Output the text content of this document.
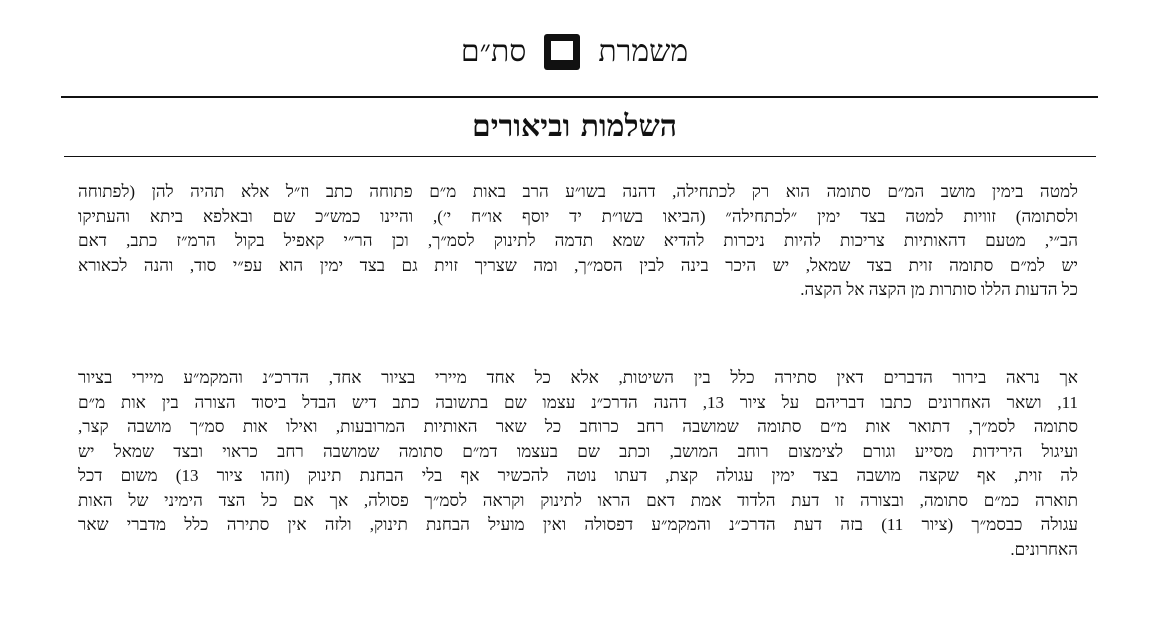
משמרת
סת״ם
השלמות וביאורים
למטה בימין מושב המ״ם סתומה הוא רק לכתחילה, דהנה בשו״ע הרב באות מ״ם פתוחה כתב וז״ל אלא תהיה להן (לפתוחה
ולסתומה) זוויות למטה בצד ימין ״לכתחילה״ (הביאו בשו״ת יד יוסף או״ח י׳), והיינו כמש״כ שם ובאלפא ביתא והעתיקו
הב״י, מטעם דהאותיות צריכות להיות ניכרות להדיא שמא תדמה לתינוק לסמ״ך, וכן הר״י קאפיל בקול הרמ״ז כתב, דאם
יש למ״ם סתומה זוית בצד שמאל, יש היכר בינה לבין הסמ״ך, ומה שצריך זוית גם בצד ימין הוא עפ״י סוד, והנה לכאורא
כל הדעות הללו סותרות מן הקצה אל הקצה.
אך נראה בירור הדברים דאין סתירה כלל בין השיטות, אלא כל אחד מיירי בציור אחד, הדרכ״נ והמקמ״ע מיירי בציור
11, ושאר האחרונים כתבו דבריהם על ציור 13, דהנה הדרכ״נ עצמו שם בתשובה כתב דיש הבדל ביסוד הצורה בין אות מ״ם
סתומה לסמ״ך, דתואר אות מ״ם סתומה שמושבה רחב כרוחב כל שאר האותיות המרובעות, ואילו אות סמ״ך מושבה קצר,
ועיגול הירידות מסייע וגורם לצימצום רוחב המושב, וכתב שם בעצמו דמ״ם סתומה שמושבה רחב כראוי ובצד שמאל יש
לה זוית, אף שקצה מושבה בצד ימין עגולה קצת, דעתו נוטה להכשיר אף בלי הבחנת תינוק (וזהו ציור 13) משום דכל
תוארה כמ״ם סתומה, ובצורה זו דעת הלדוד אמת דאם הראו לתינוק וקראה לסמ״ך פסולה, אך אם כל הצד הימיני של האות
עגולה כבסמ״ך (ציור 11) בזה דעת הדרכ״נ והמקמ״ע דפסולה ואין מועיל הבחנת תינוק, ולזה אין סתירה כלל מדברי שאר
האחרונים.
